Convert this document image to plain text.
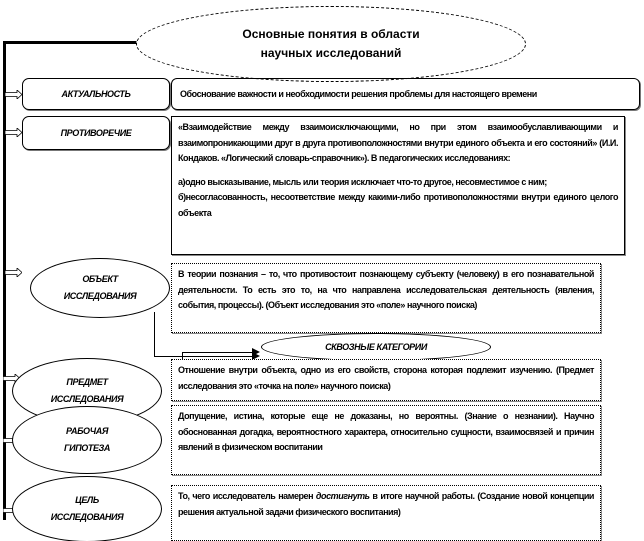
Основные понятия в области
научных исследований
АКТУАЛЬНОСТЬ	Обоснование важности и необходимости решения проблемы для настоящего времени
ПРОТИВОРЕЧИЕ
«Взаимодействие между взаимоисключающими, но при этом взаимообуславливающими и взаимопроникающими друг в друга противоположностями внутри единого объекта и его состояний» (И.И. Кондаков. «Логический словарь-справочник»). В педагогических исследованиях:
а)одно высказывание, мысль или теория исключает что-то другое, несовместимое с ним;
б)несогласованность, несоответствие между какими-либо противоположностями внутри единого целого объекта
ОБЪЕКТ
ИССЛЕДОВАНИЯ
В теории познания – то, что противостоит познающему субъекту (человеку) в его познавательной деятельности. То есть это то, на что направлена исследовательская деятельность (явления, события, процессы). (Объект исследования это «поле» научного поиска)
СКВОЗНЫЕ КАТЕГОРИИ
Отношение внутри объекта, одно из его свойств, сторона которая подлежит изучению. (Предмет исследования это «точка на поле» научного поиска)
ПРЕДМЕТ
ИССЛЕДОВАНИЯ
Допущение, истина, которые еще не доказаны, но вероятны. (Знание о незнании). Научно обоснованная догадка, вероятностного характера, относительно сущности, взаимосвязей и причин явлений в физическом воспитании
РАБОЧАЯ
ГИПОТЕЗА
То, чего исследователь намерен достигнуть в итоге научной работы. (Создание новой концепции решения актуальной задачи физического воспитания)
ЦЕЛЬ
ИССЛЕДОВАНИЯ
